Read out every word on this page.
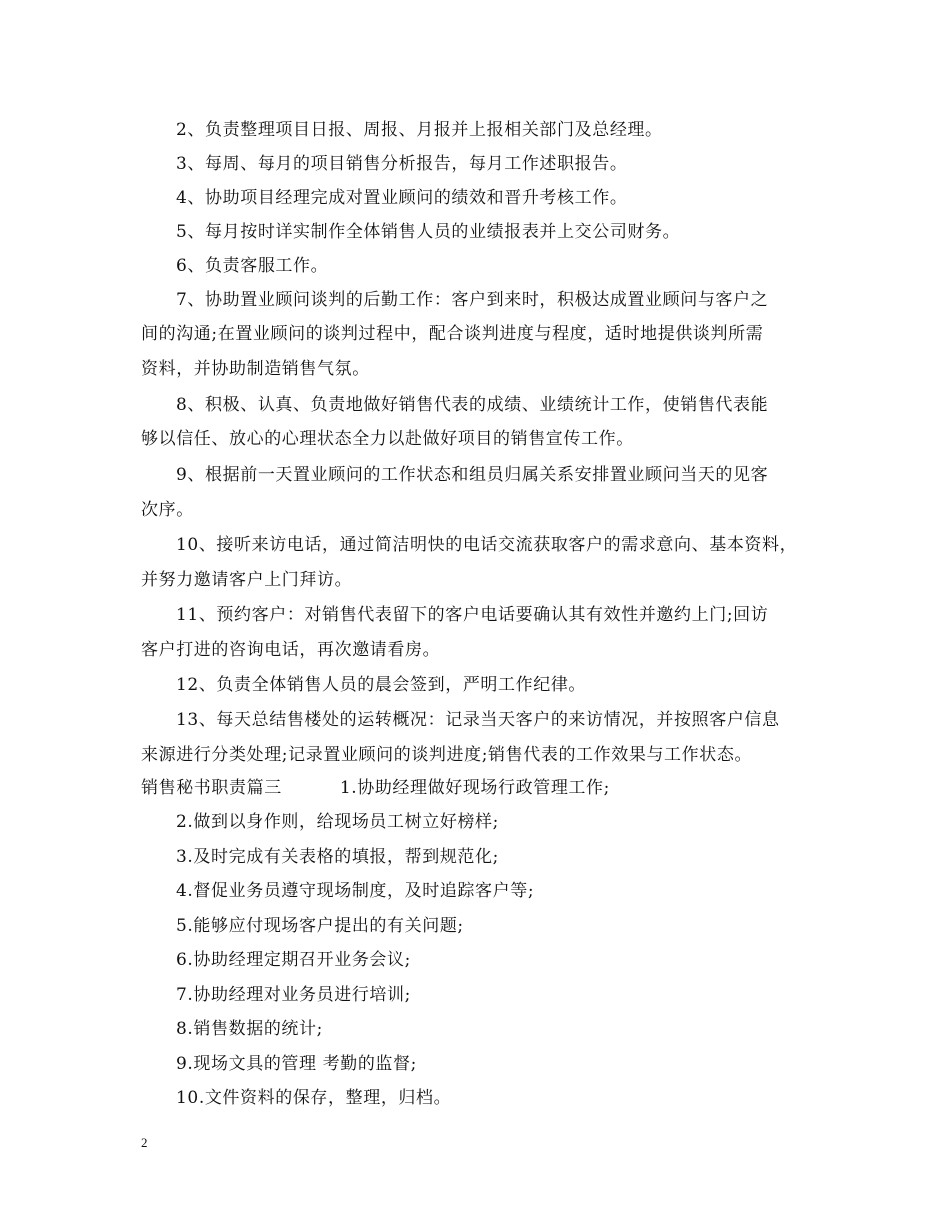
2、负责整理项目日报、周报、月报并上报相关部门及总经理。
3、每周、每月的项目销售分析报告，每月工作述职报告。
4、协助项目经理完成对置业顾问的绩效和晋升考核工作。
5、每月按时详实制作全体销售人员的业绩报表并上交公司财务。
6、负责客服工作。
7、协助置业顾问谈判的后勤工作：客户到来时，积极达成置业顾问与客户之
间的沟通;在置业顾问的谈判过程中，配合谈判进度与程度，适时地提供谈判所需
资料，并协助制造销售气氛。
8、积极、认真、负责地做好销售代表的成绩、业绩统计工作，使销售代表能
够以信任、放心的心理状态全力以赴做好项目的销售宣传工作。
9、根据前一天置业顾问的工作状态和组员归属关系安排置业顾问当天的见客
次序。
10、接听来访电话，通过简洁明快的电话交流获取客户的需求意向、基本资料，
并努力邀请客户上门拜访。
11、预约客户：对销售代表留下的客户电话要确认其有效性并邀约上门;回访
客户打进的咨询电话，再次邀请看房。
12、负责全体销售人员的晨会签到，严明工作纪律。
13、每天总结售楼处的运转概况：记录当天客户的来访情况，并按照客户信息
来源进行分类处理;记录置业顾问的谈判进度;销售代表的工作效果与工作状态。
销售秘书职责篇三	1.协助经理做好现场行政管理工作;
2.做到以身作则，给现场员工树立好榜样;
3.及时完成有关表格的填报，帮到规范化;
4.督促业务员遵守现场制度，及时追踪客户等;
5.能够应付现场客户提出的有关问题;
6.协助经理定期召开业务会议;
7.协助经理对业务员进行培训;
8.销售数据的统计;
9.现场文具的管理 考勤的监督;
10.文件资料的保存，整理，归档。
2
